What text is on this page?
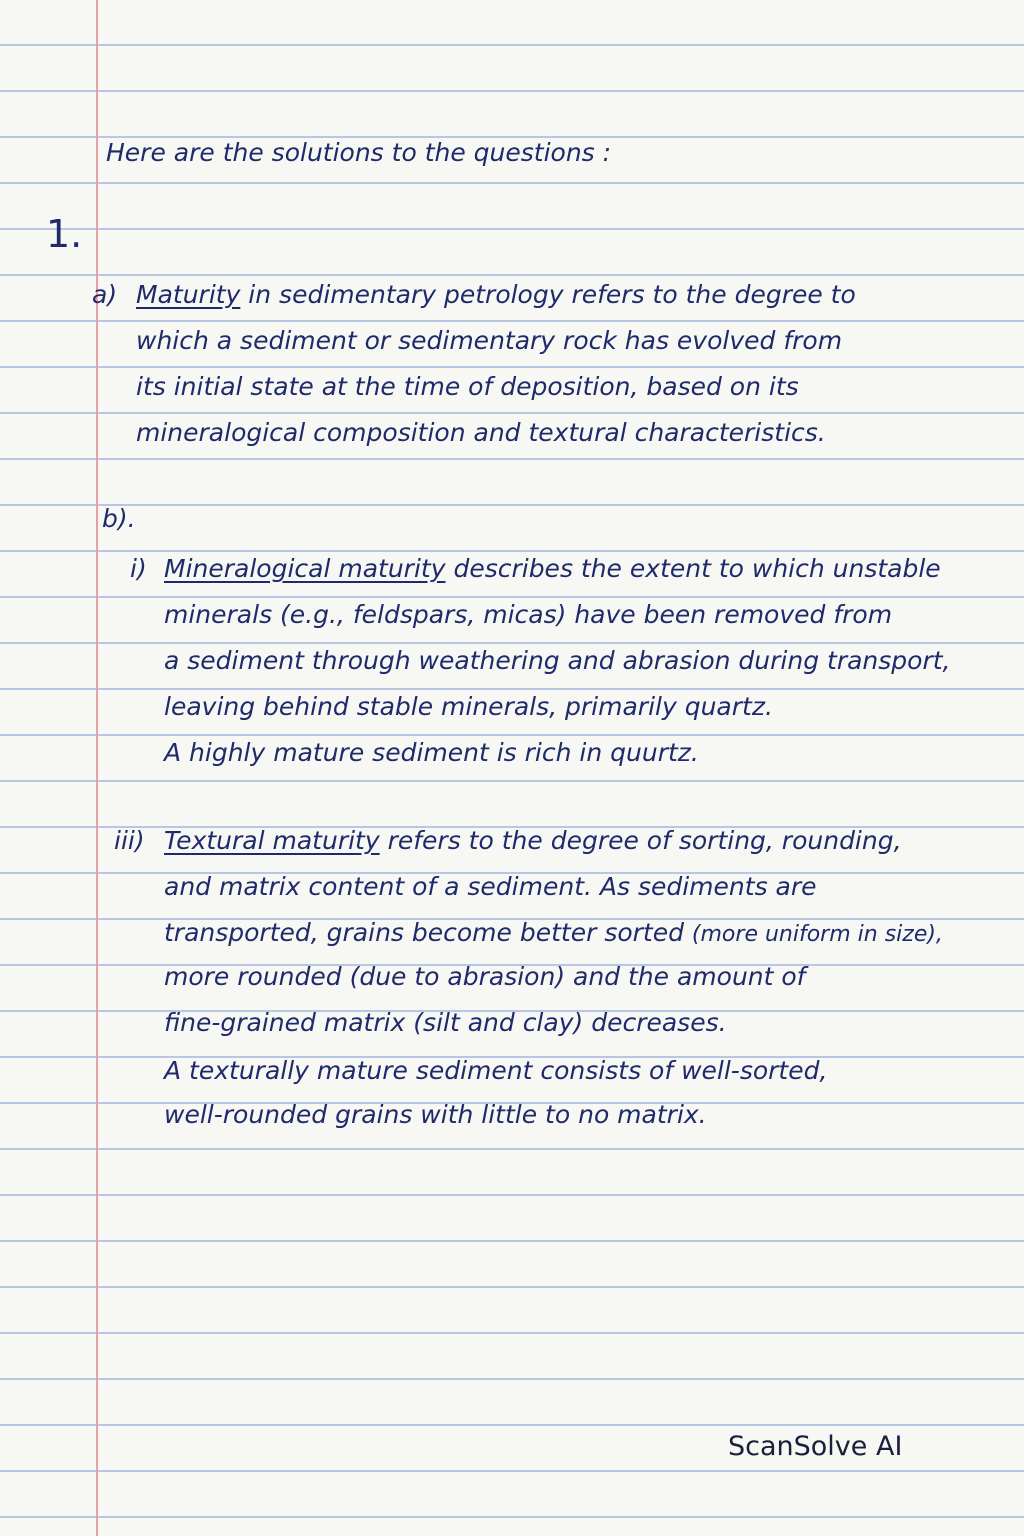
Here are the solutions to the questions :
1.
a) Maturity in sedimentary petrology refers to the degree to
which a sediment or sedimentary rock has evolved from
its initial state at the time of deposition, based on its
mineralogical composition and textural characteristics.
b).
i) Mineralogical maturity describes the extent to which unstable
minerals (e.g., feldspars, micas) have been removed from
a sediment through weathering and abrasion during transport,
leaving behind stable minerals, primarily quartz.
A highly mature sediment is rich in quurtz.
iii) Textural maturity refers to the degree of sorting, rounding,
and matrix content of a sediment. As sediments are
transported, grains become better sorted (more uniform in size),
more rounded (due to abrasion) and the amount of
fine-grained matrix (silt and clay) decreases.
A texturally mature sediment consists of well-sorted,
well-rounded grains with little to no matrix.
ScanSolve AI
